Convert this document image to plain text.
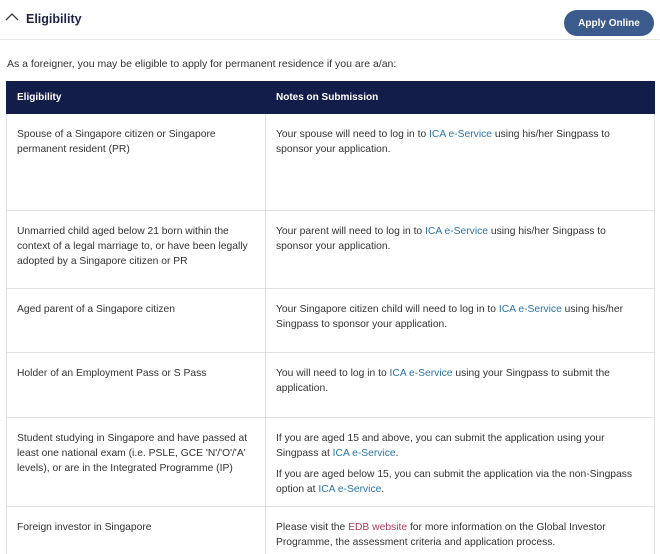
Eligibility	Apply Online

As a foreigner, you may be eligible to apply for permanent residence if you are a/an:

Eligibility	Notes on Submission
Spouse of a Singapore citizen or Singapore permanent resident (PR)	Your spouse will need to log in to ICA e-Service using his/her Singpass to sponsor your application.
Unmarried child aged below 21 born within the context of a legal marriage to, or have been legally adopted by a Singapore citizen or PR	Your parent will need to log in to ICA e-Service using his/her Singpass to sponsor your application.
Aged parent of a Singapore citizen	Your Singapore citizen child will need to log in to ICA e-Service using his/her Singpass to sponsor your application.
Holder of an Employment Pass or S Pass	You will need to log in to ICA e-Service using your Singpass to submit the application.
Student studying in Singapore and have passed at least one national exam (i.e. PSLE, GCE 'N'/'O'/'A' levels), or are in the Integrated Programme (IP)	If you are aged 15 and above, you can submit the application using your Singpass at ICA e-Service.
If you are aged below 15, you can submit the application via the non-Singpass option at ICA e-Service.

Foreign investor in Singapore	Please visit the EDB website for more information on the Global Investor Programme, the assessment criteria and application process.
